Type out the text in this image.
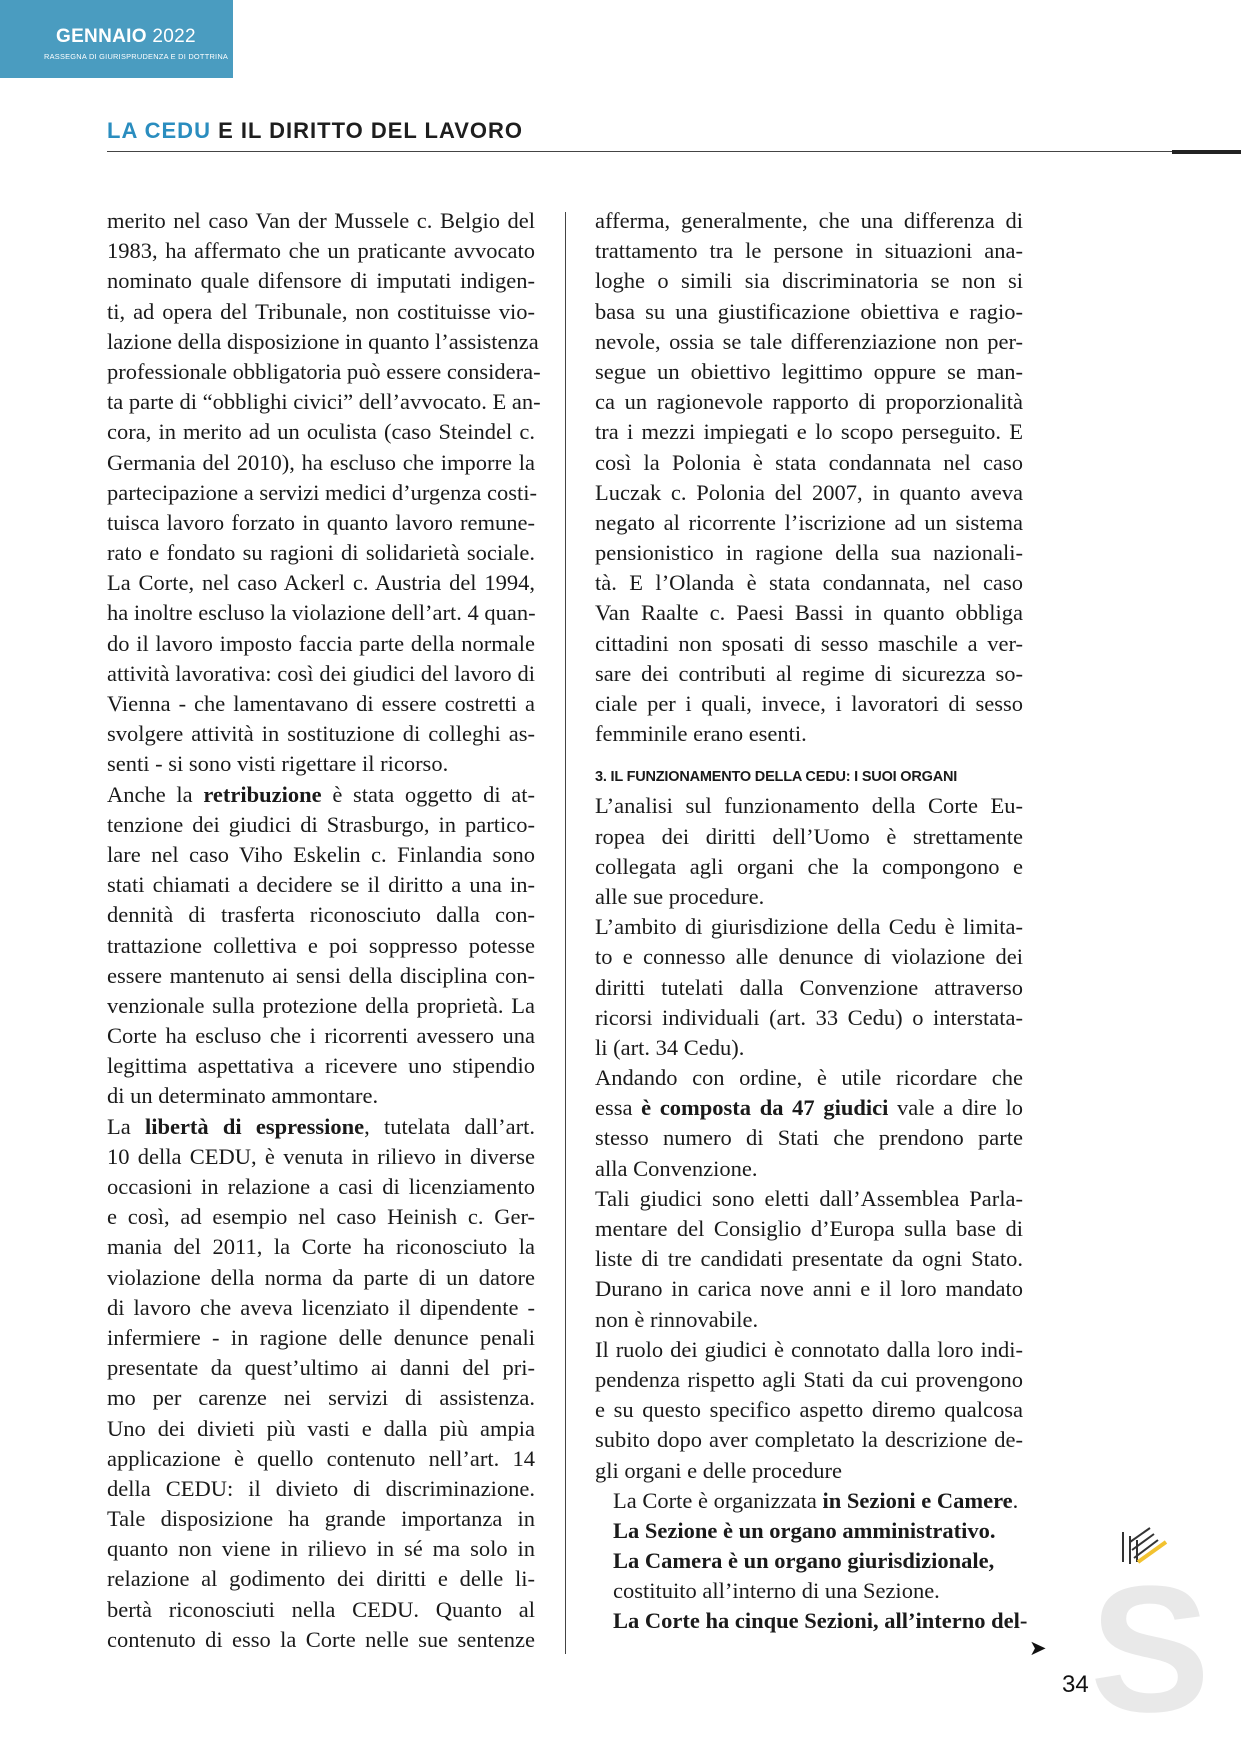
GENNAIO 2022
RASSEGNA DI GIURISPRUDENZA E DI DOTTRINA
LA CEDU E IL DIRITTO DEL LAVORO
merito nel caso Van der Mussele c. Belgio del
1983, ha affermato che un praticante avvocato
nominato quale difensore di imputati indigen-
ti, ad opera del Tribunale, non costituisse vio-
lazione della disposizione in quanto l’assistenza
professionale obbligatoria può essere considera-
ta parte di “obblighi civici” dell’avvocato. E an-
cora, in merito ad un oculista (caso Steindel c.
Germania del 2010), ha escluso che imporre la
partecipazione a servizi medici d’urgenza costi-
tuisca lavoro forzato in quanto lavoro remune-
rato e fondato su ragioni di solidarietà sociale.
La Corte, nel caso Ackerl c. Austria del 1994,
ha inoltre escluso la violazione dell’art. 4 quan-
do il lavoro imposto faccia parte della normale
attività lavorativa: così dei giudici del lavoro di
Vienna - che lamentavano di essere costretti a
svolgere attività in sostituzione di colleghi as-
senti - si sono visti rigettare il ricorso.
Anche la retribuzione è stata oggetto di at-
tenzione dei giudici di Strasburgo, in partico-
lare nel caso Viho Eskelin c. Finlandia sono
stati chiamati a decidere se il diritto a una in-
dennità di trasferta riconosciuto dalla con-
trattazione collettiva e poi soppresso potesse
essere mantenuto ai sensi della disciplina con-
venzionale sulla protezione della proprietà. La
Corte ha escluso che i ricorrenti avessero una
legittima aspettativa a ricevere uno stipendio
di un determinato ammontare.
La libertà di espressione, tutelata dall’art.
10 della CEDU, è venuta in rilievo in diverse
occasioni in relazione a casi di licenziamento
e così, ad esempio nel caso Heinish c. Ger-
mania del 2011, la Corte ha riconosciuto la
violazione della norma da parte di un datore
di lavoro che aveva licenziato il dipendente -
infermiere - in ragione delle denunce penali
presentate da quest’ultimo ai danni del pri-
mo per carenze nei servizi di assistenza.
Uno dei divieti più vasti e dalla più ampia
applicazione è quello contenuto nell’art. 14
della CEDU: il divieto di discriminazione.
Tale disposizione ha grande importanza in
quanto non viene in rilievo in sé ma solo in
relazione al godimento dei diritti e delle li-
bertà riconosciuti nella CEDU. Quanto al
contenuto di esso la Corte nelle sue sentenze
afferma, generalmente, che una differenza di
trattamento tra le persone in situazioni ana-
loghe o simili sia discriminatoria se non si
basa su una giustificazione obiettiva e ragio-
nevole, ossia se tale differenziazione non per-
segue un obiettivo legittimo oppure se man-
ca un ragionevole rapporto di proporzionalità
tra i mezzi impiegati e lo scopo perseguito. E
così la Polonia è stata condannata nel caso
Luczak c. Polonia del 2007, in quanto aveva
negato al ricorrente l’iscrizione ad un sistema
pensionistico in ragione della sua nazionali-
tà. E l’Olanda è stata condannata, nel caso
Van Raalte c. Paesi Bassi in quanto obbliga
cittadini non sposati di sesso maschile a ver-
sare dei contributi al regime di sicurezza so-
ciale per i quali, invece, i lavoratori di sesso
femminile erano esenti.
3. IL FUNZIONAMENTO DELLA CEDU: I SUOI ORGANI
L’analisi sul funzionamento della Corte Eu-
ropea dei diritti dell’Uomo è strettamente
collegata agli organi che la compongono e
alle sue procedure.
L’ambito di giurisdizione della Cedu è limita-
to e connesso alle denunce di violazione dei
diritti tutelati dalla Convenzione attraverso
ricorsi individuali (art. 33 Cedu) o interstata-
li (art. 34 Cedu).
Andando con ordine, è utile ricordare che
essa è composta da 47 giudici vale a dire lo
stesso numero di Stati che prendono parte
alla Convenzione.
Tali giudici sono eletti dall’Assemblea Parla-
mentare del Consiglio d’Europa sulla base di
liste di tre candidati presentate da ogni Stato.
Durano in carica nove anni e il loro mandato
non è rinnovabile.
Il ruolo dei giudici è connotato dalla loro indi-
pendenza rispetto agli Stati da cui provengono
e su questo specifico aspetto diremo qualcosa
subito dopo aver completato la descrizione de-
gli organi e delle procedure
La Corte è organizzata in Sezioni e Camere.
La Sezione è un organo amministrativo.
La Camera è un organo giurisdizionale,
costituito all’interno di una Sezione.
La Corte ha cinque Sezioni, all’interno del-
➤ S
34
